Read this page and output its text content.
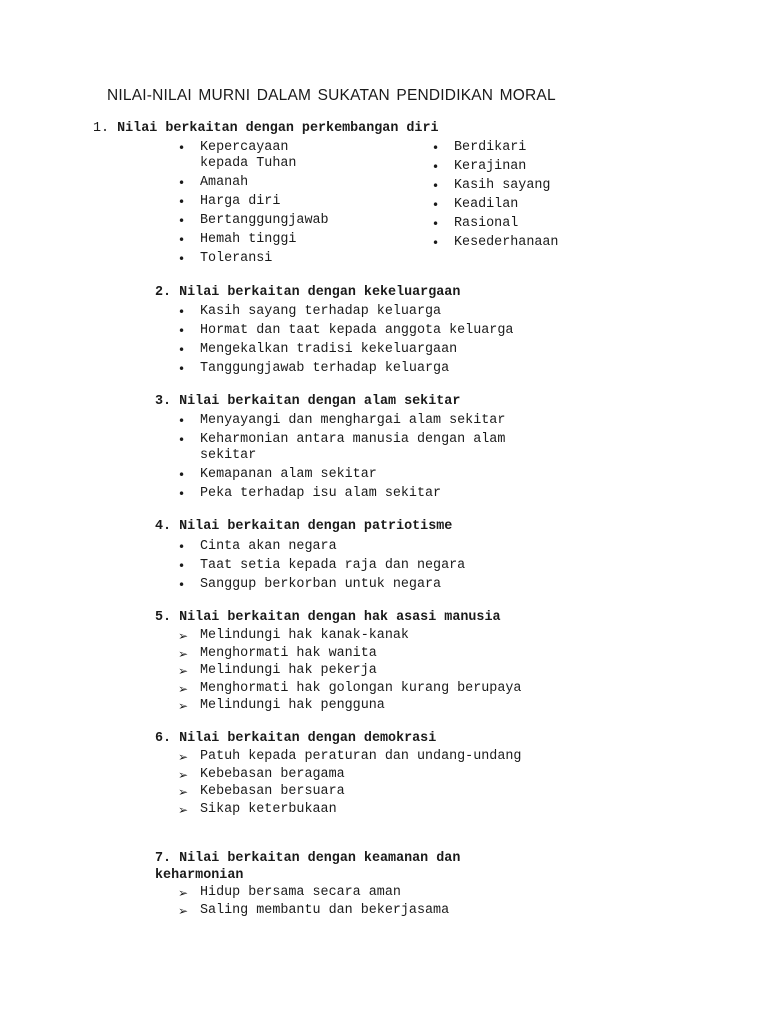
NILAI-NILAI MURNI DALAM SUKATAN PENDIDIKAN MORAL
1. Nilai berkaitan dengan perkembangan diri
•	Kepercayaan
kepada Tuhan
•	Amanah
•	Harga diri
•	Bertanggungjawab
•	Hemah tinggi
•	Toleransi
•	Berdikari
•	Kerajinan
•	Kasih sayang
•	Keadilan
•	Rasional
•	Kesederhanaan
2. Nilai berkaitan dengan kekeluargaan
•	Kasih sayang terhadap keluarga
•	Hormat dan taat kepada anggota keluarga
•	Mengekalkan tradisi kekeluargaan
•	Tanggungjawab terhadap keluarga
3. Nilai berkaitan dengan alam sekitar
•	Menyayangi dan menghargai alam sekitar
•	Keharmonian antara manusia dengan alam
sekitar
•	Kemapanan alam sekitar
•	Peka terhadap isu alam sekitar
4. Nilai berkaitan dengan patriotisme
•	Cinta akan negara
•	Taat setia kepada raja dan negara
•	Sanggup berkorban untuk negara
5. Nilai berkaitan dengan hak asasi manusia
➢ Melindungi hak kanak-kanak
➢ Menghormati hak wanita
➢ Melindungi hak pekerja
➢ Menghormati hak golongan kurang berupaya
➢ Melindungi hak pengguna
6. Nilai berkaitan dengan demokrasi
➢ Patuh kepada peraturan dan undang-undang
➢ Kebebasan beragama
➢ Kebebasan bersuara
➢ Sikap keterbukaan
7. Nilai berkaitan dengan keamanan dan
keharmonian
➢ Hidup bersama secara aman
➢ Saling membantu dan bekerjasama
